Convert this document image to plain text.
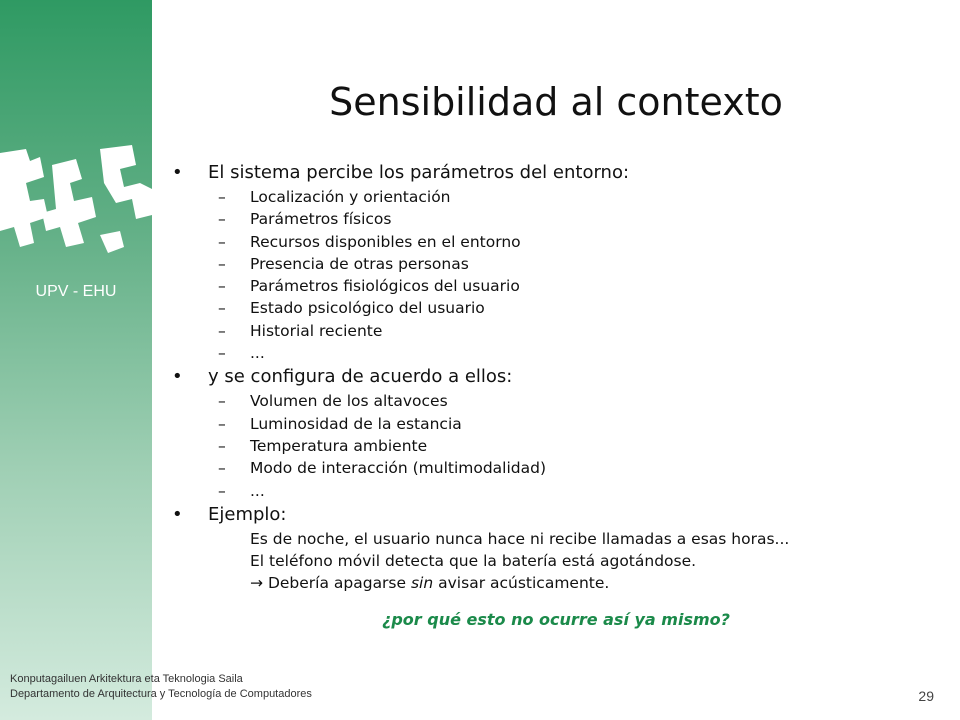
UPV - EHU
Sensibilidad al contexto
• El sistema percibe los parámetros del entorno:
– Localización y orientación
– Parámetros físicos
– Recursos disponibles en el entorno
– Presencia de otras personas
– Parámetros fisiológicos del usuario
– Estado psicológico del usuario
– Historial reciente
– ...
• y se configura de acuerdo a ellos:
– Volumen de los altavoces
– Luminosidad de la estancia
– Temperatura ambiente
– Modo de interacción (multimodalidad)
– ...
• Ejemplo:
Es de noche, el usuario nunca hace ni recibe llamadas a esas horas...
El teléfono móvil detecta que la batería está agotándose.
→ Debería apagarse sin avisar acústicamente.
¿por qué esto no ocurre así ya mismo?
Konputagailuen Arkitektura eta Teknologia Saila
Departamento de Arquitectura y Tecnología de Computadores	29
